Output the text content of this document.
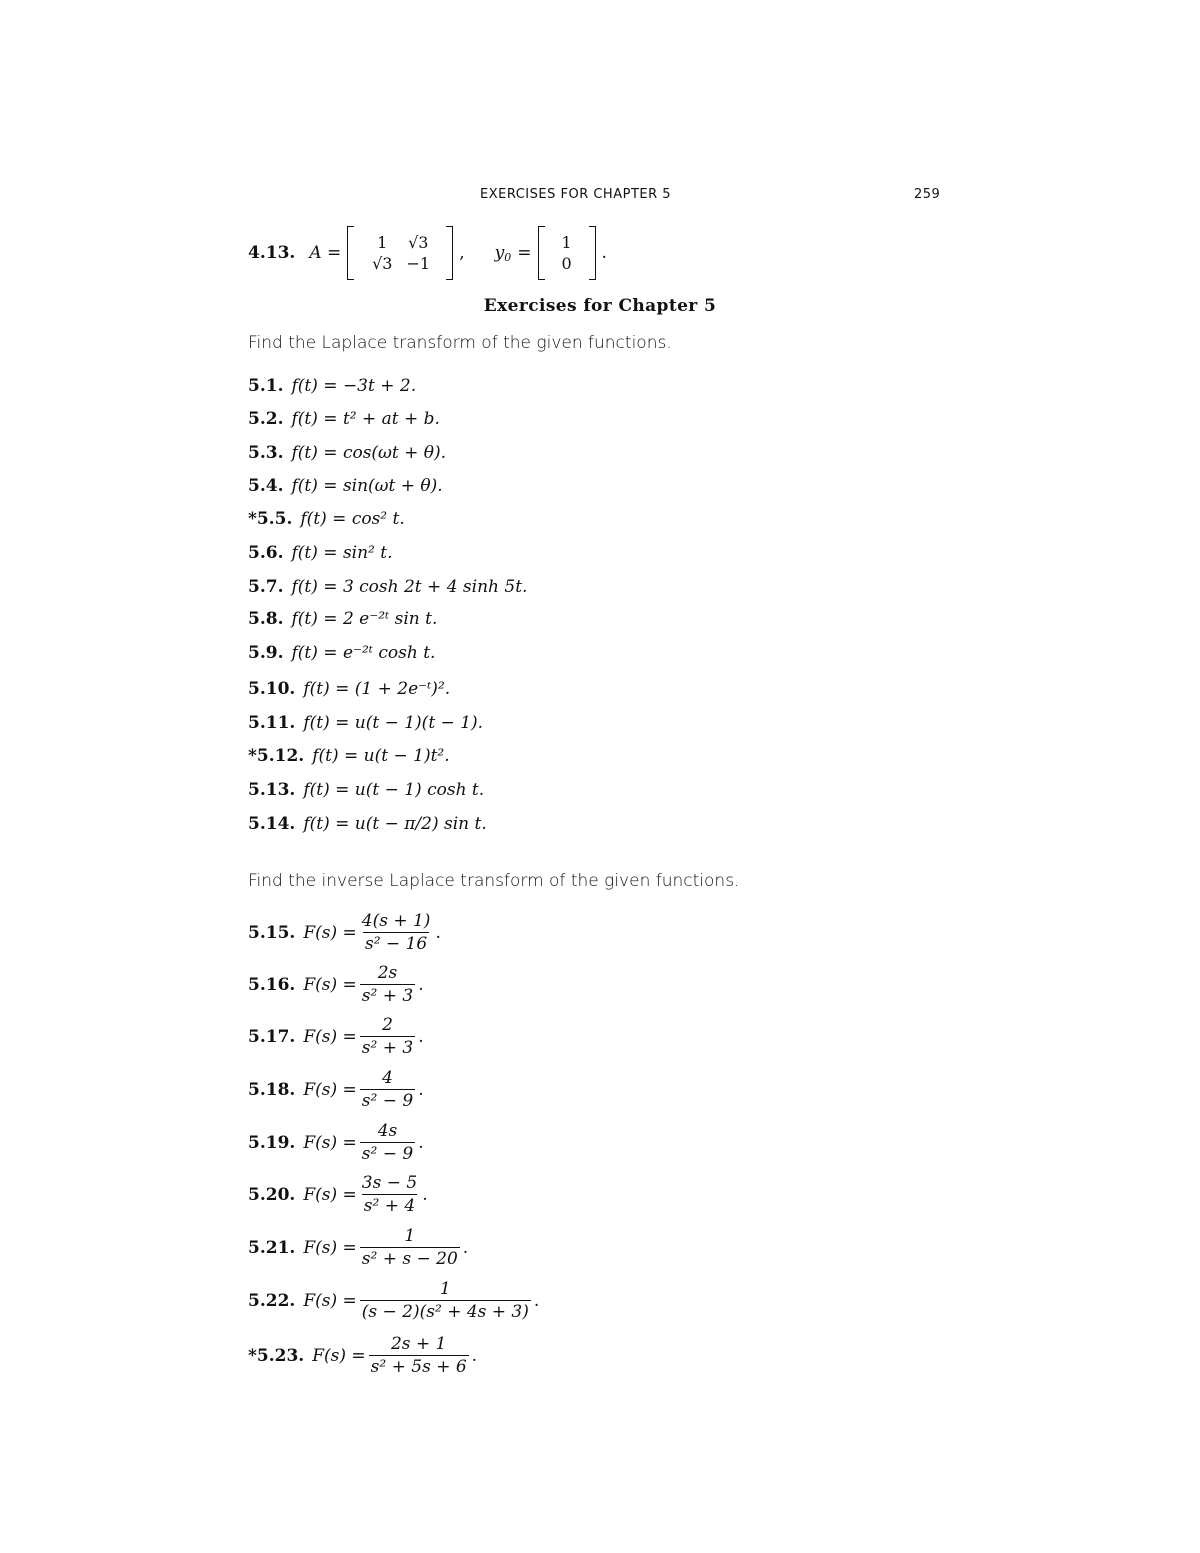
EXERCISES FOR CHAPTER 5	259
4.13. A =
1	√3
√3 −1
, $y_0$ =
1
0
.
Exercises for Chapter 5
Find the Laplace transform of the given functions.
5.1. f(t) = −3t + 2.
5.2. f(t) = t² + at + b.
5.3. f(t) = cos(ωt + θ).
5.4. f(t) = sin(ωt + θ).
*5.5. f(t) = cos² t.
5.6. f(t) = sin² t.
5.7. f(t) = 3 cosh 2t + 4 sinh 5t.
5.8. f(t) = 2 e⁻²ᵗ sin t.
5.9. f(t) = e⁻²ᵗ cosh t.
5.10. f(t) = (1 + 2e⁻ᵗ)².
5.11. f(t) = u(t − 1)(t − 1).
*5.12. f(t) = u(t − 1)t².
5.13. f(t) = u(t − 1) cosh t.
5.14. f(t) = u(t − π/2) sin t.
Find the inverse Laplace transform of the given functions.
5.15. $F(s) = \frac{4(s + 1)}{\text{s² − 16}}$ .
5.16. $F(s) = \frac{2s}{\text{s² + 3}}$ .
5.17. $F(s) = \frac{2}{\text{s² + 3}}$ .
5.18. $F(s) = \frac{4}{\text{s² − 9}}$ .
5.19. $F(s) = \frac{4s}{\text{s² − 9}}$ .
5.20. $F(s) = \frac{3s - 5}{\text{s² + 4}}$ .
5.21. $F(s) = \frac{1}{\text{s² + s − 20}}$ .
5.22. $F(s) = \frac{1}{\text{(s − 2)(s² + 4s + 3)}}$ .
*5.23. $F(s) = \frac{2s + 1}{\text{s² + 5s + 6}}$ .
